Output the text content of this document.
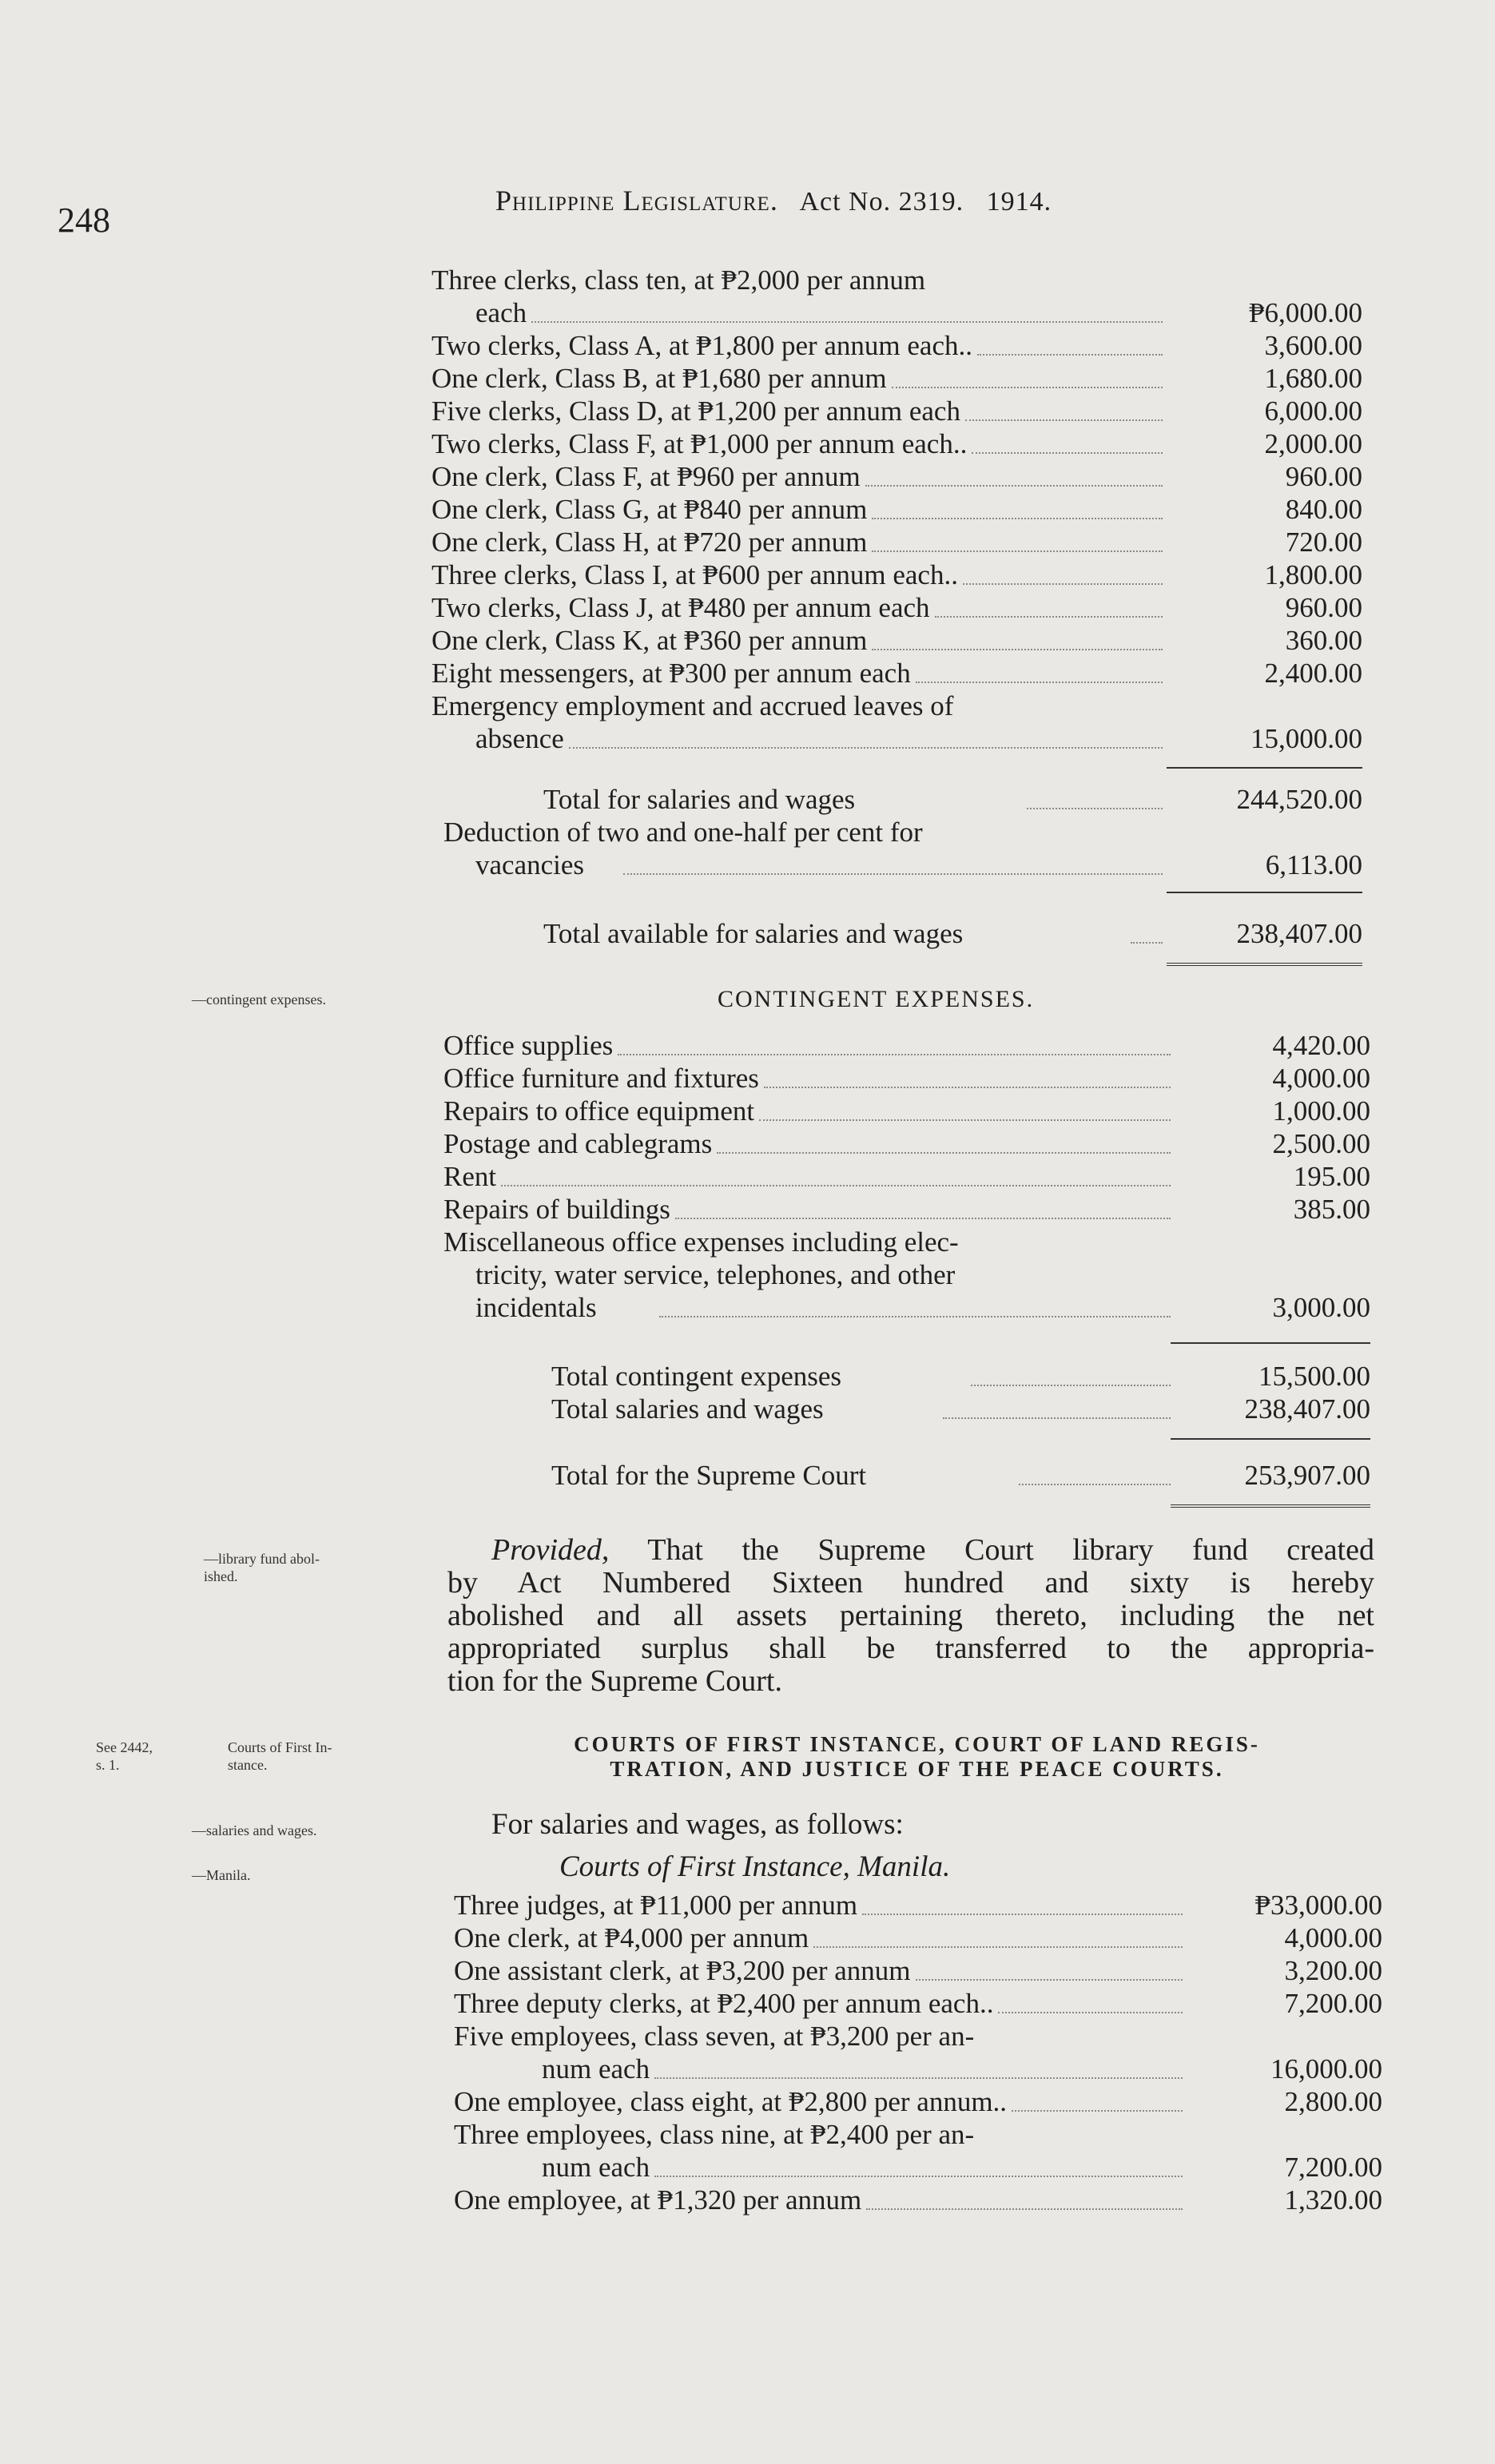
248	Philippine Legislature. Act No. 2319. 1914.
Three clerks, class ten, at ₱2,000 per annum
each	₱6,000.00
Two clerks, Class A, at ₱1,800 per annum each..	3,600.00
One clerk, Class B, at ₱1,680 per annum	1,680.00
Five clerks, Class D, at ₱1,200 per annum each	6,000.00
Two clerks, Class F, at ₱1,000 per annum each..	2,000.00
One clerk, Class F, at ₱960 per annum	960.00
One clerk, Class G, at ₱840 per annum	840.00
One clerk, Class H, at ₱720 per annum	720.00
Three clerks, Class I, at ₱600 per annum each..	1,800.00
Two clerks, Class J, at ₱480 per annum each	960.00
One clerk, Class K, at ₱360 per annum	360.00
Eight messengers, at ₱300 per annum each	2,400.00
Emergency employment and accrued leaves of
absence	15,000.00
Total for salaries and wages	244,520.00
Deduction of two and one-half per cent for
vacancies	6,113.00
Total available for salaries and wages	238,407.00
—contingent expenses.	CONTINGENT EXPENSES.
Office supplies	4,420.00
Office furniture and fixtures	4,000.00
Repairs to office equipment	1,000.00
Postage and cablegrams	2,500.00
Rent	195.00
Repairs of buildings	385.00
Miscellaneous office expenses including elec-
tricity, water service, telephones, and other
incidentals	3,000.00
Total contingent expenses	15,500.00
Total salaries and wages	238,407.00
Total for the Supreme Court	253,907.00
—library fund abol-
ished.
Provided, That the Supreme Court library fund created
by Act Numbered Sixteen hundred and sixty is hereby
abolished and all assets pertaining thereto, including the net
appropriated surplus shall be transferred to the appropria-
tion for the Supreme Court.
See 2442,
s. 1.
Courts of First In-
stance.
COURTS OF FIRST INSTANCE, COURT OF LAND REGIS-
TRATION, AND JUSTICE OF THE PEACE COURTS.
—salaries and wages.	For salaries and wages, as follows:
—Manila.	Courts of First Instance, Manila.
Three judges, at ₱11,000 per annum	₱33,000.00
One clerk, at ₱4,000 per annum	4,000.00
One assistant clerk, at ₱3,200 per annum	3,200.00
Three deputy clerks, at ₱2,400 per annum each..	7,200.00
Five employees, class seven, at ₱3,200 per an-
num each	16,000.00
One employee, class eight, at ₱2,800 per annum..	2,800.00
Three employees, class nine, at ₱2,400 per an-
num each	7,200.00
One employee, at ₱1,320 per annum	1,320.00
